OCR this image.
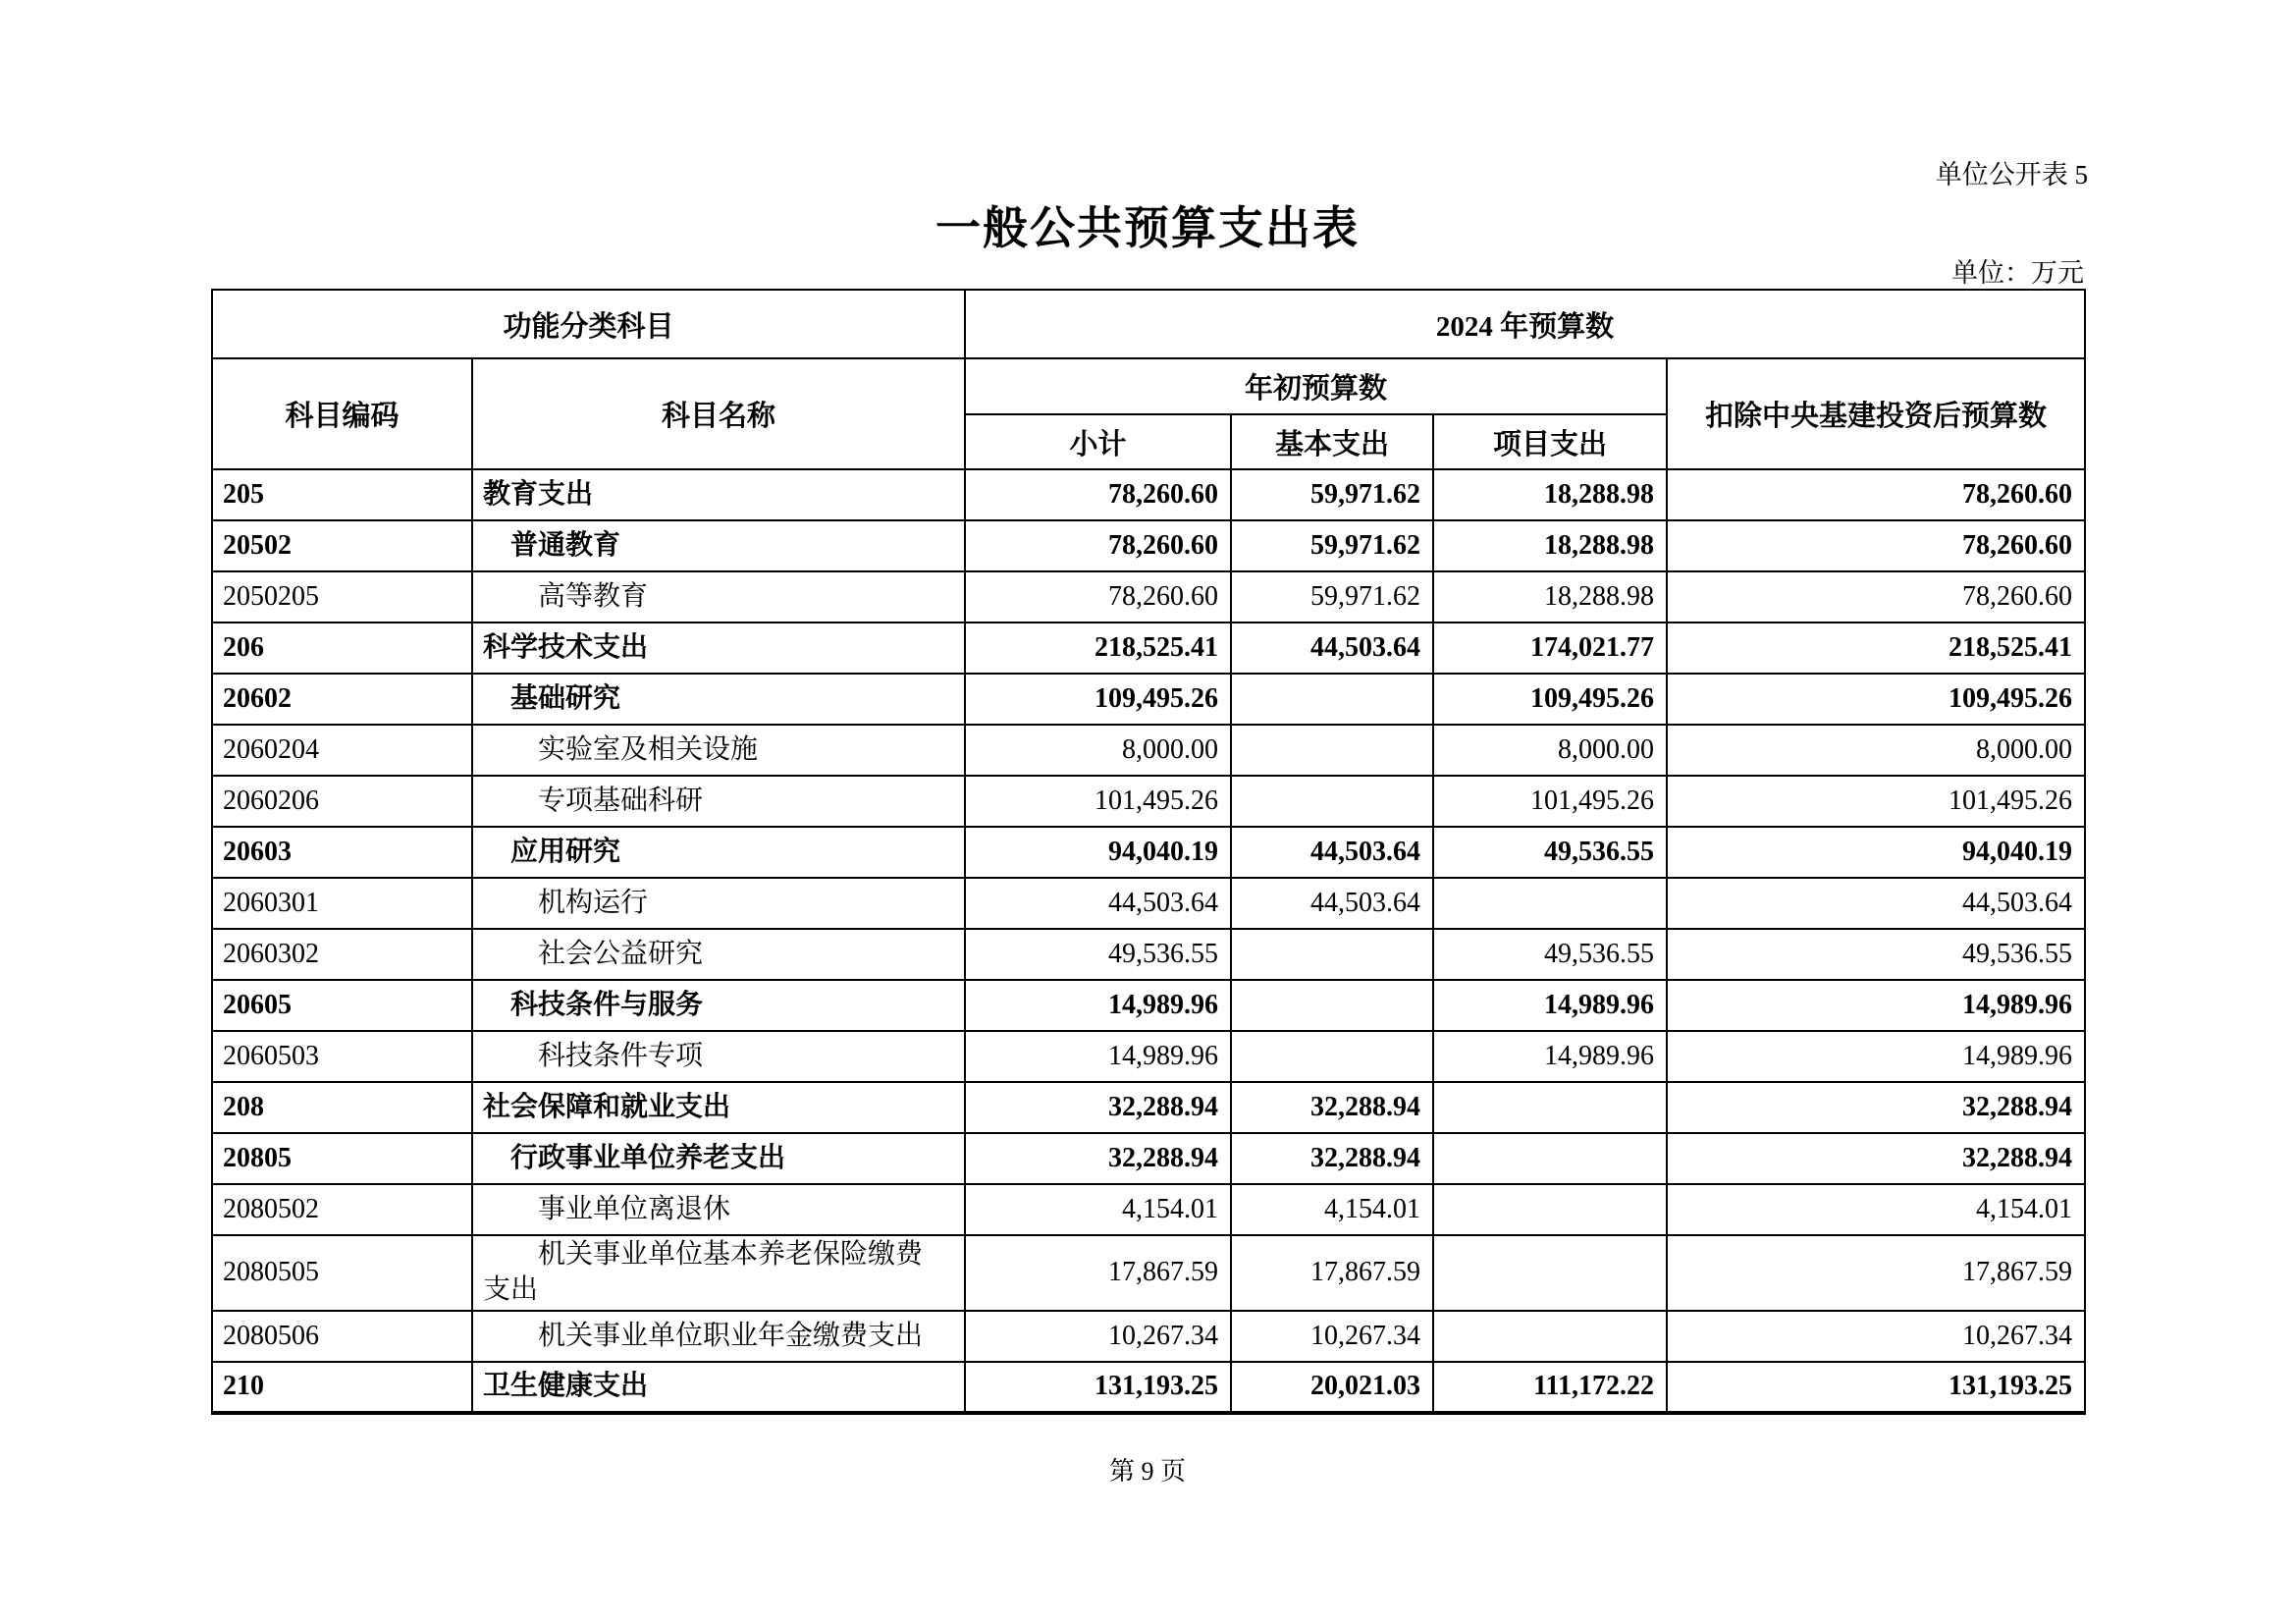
单位公开表 5
一般公共预算支出表
单位：万元
功能分类科目		2024 年预算数			
科目编码	科目名称	年初预算数			扣除中央基建投资后预算数
		小计	基本支出	项目支出	
205	教育支出	78,260.60	59,971.62	18,288.98	78,260.60
20502	普通教育	78,260.60	59,971.62	18,288.98	78,260.60
2050205	高等教育	78,260.60	59,971.62	18,288.98	78,260.60
206	科学技术支出	218,525.41	44,503.64	174,021.77	218,525.41
20602	基础研究	109,495.26		109,495.26	109,495.26
2060204	实验室及相关设施	8,000.00		8,000.00	8,000.00
2060206	专项基础科研	101,495.26		101,495.26	101,495.26
20603	应用研究	94,040.19	44,503.64	49,536.55	94,040.19
2060301	机构运行	44,503.64	44,503.64		44,503.64
2060302	社会公益研究	49,536.55		49,536.55	49,536.55
20605	科技条件与服务	14,989.96		14,989.96	14,989.96
2060503	科技条件专项	14,989.96		14,989.96	14,989.96
208	社会保障和就业支出	32,288.94	32,288.94		32,288.94
20805	行政事业单位养老支出	32,288.94	32,288.94		32,288.94
2080502	事业单位离退休	4,154.01	4,154.01		4,154.01
2080505	机关事业单位基本养老保险缴费支出	17,867.59	17,867.59		17,867.59
2080506	机关事业单位职业年金缴费支出	10,267.34	10,267.34		10,267.34
210	卫生健康支出	131,193.25	20,021.03	111,172.22	131,193.25
第 9 页
